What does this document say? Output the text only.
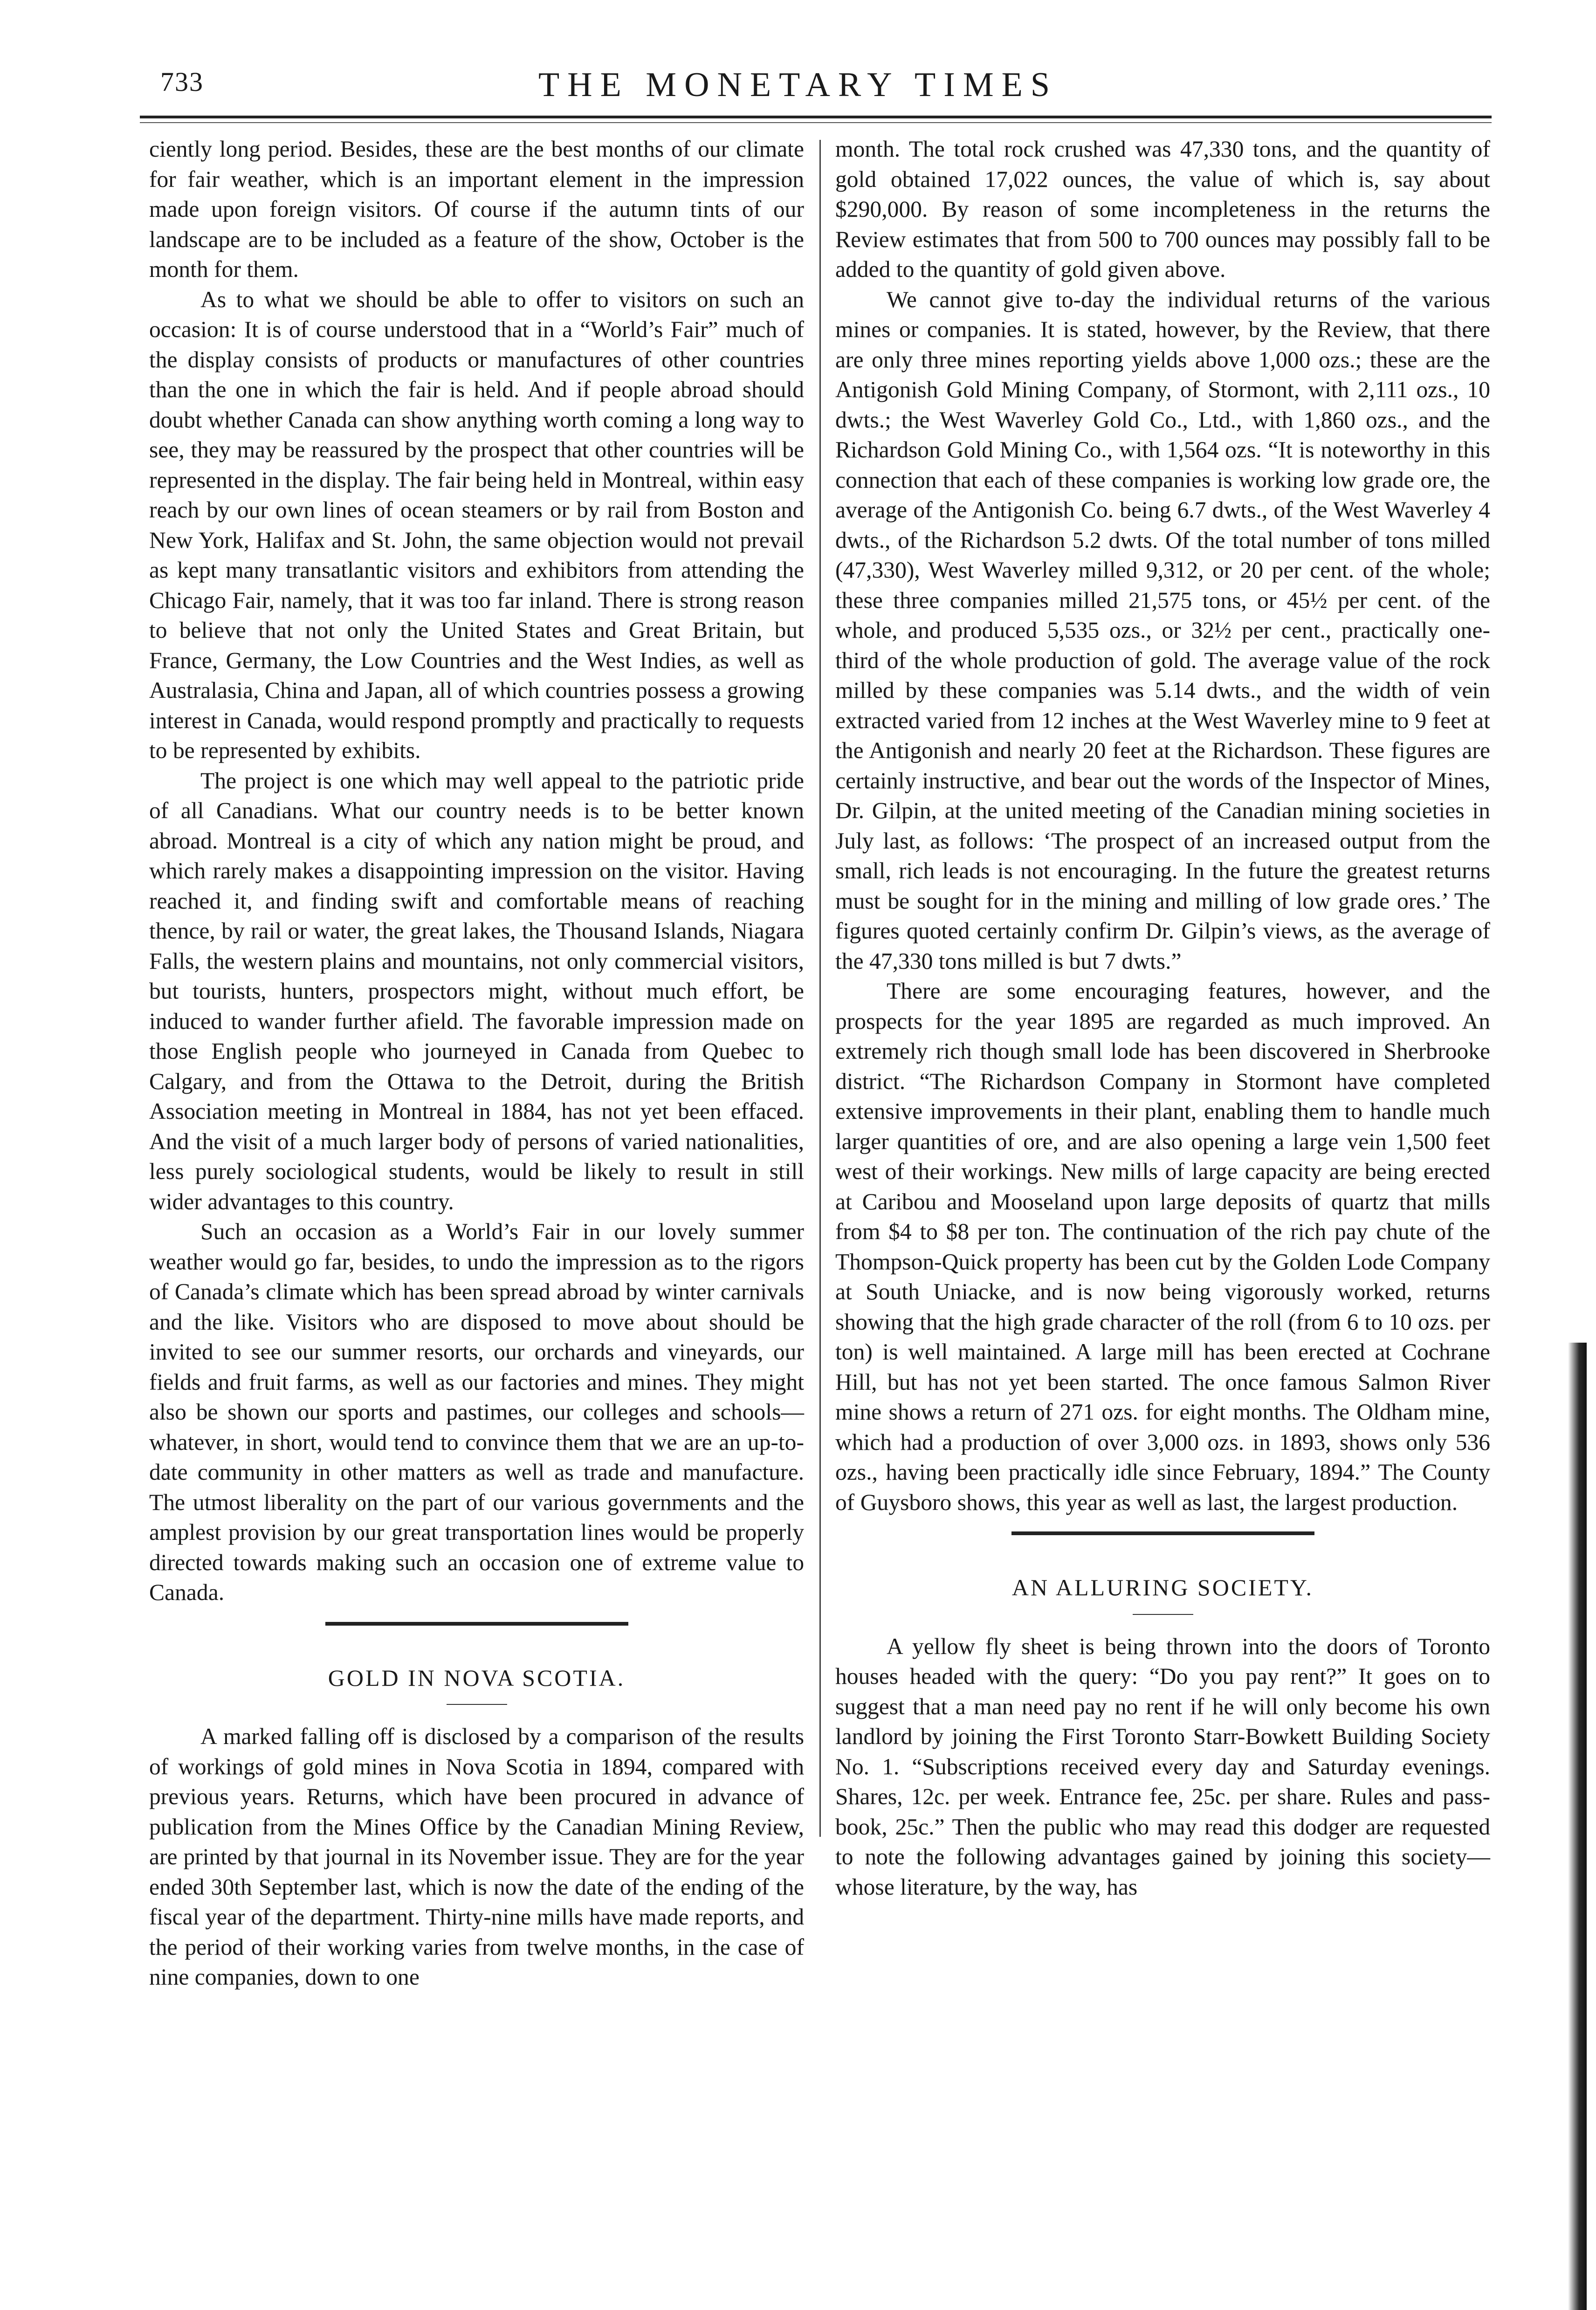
733	THE MONETARY TIMES

ciently long period. Besides, these are the best months of our climate for fair weather, which is an important element in the impression made upon foreign visitors. Of course if the autumn tints of our landscape are to be included as a feature of the show, October is the month for them.

As to what we should be able to offer to visitors on such an occasion: It is of course understood that in a “World’s Fair” much of the display consists of products or manufactures of other countries than the one in which the fair is held. And if people abroad should doubt whether Canada can show anything worth coming a long way to see, they may be reassured by the prospect that other countries will be represented in the display. The fair being held in Montreal, within easy reach by our own lines of ocean steamers or by rail from Boston and New York, Halifax and St. John, the same objection would not prevail as kept many transatlantic visitors and exhibitors from attending the Chicago Fair, namely, that it was too far inland. There is strong reason to believe that not only the United States and Great Britain, but France, Germany, the Low Countries and the West Indies, as well as Australasia, China and Japan, all of which countries possess a growing interest in Canada, would respond promptly and practically to requests to be represented by exhibits.

The project is one which may well appeal to the patriotic pride of all Canadians. What our country needs is to be better known abroad. Montreal is a city of which any nation might be proud, and which rarely makes a disappointing impression on the visitor. Having reached it, and finding swift and comfortable means of reaching thence, by rail or water, the great lakes, the Thousand Islands, Niagara Falls, the western plains and mountains, not only commercial visitors, but tourists, hunters, prospectors might, without much effort, be induced to wander further afield. The favorable impression made on those English people who journeyed in Canada from Quebec to Calgary, and from the Ottawa to the Detroit, during the British Association meeting in Montreal in 1884, has not yet been effaced. And the visit of a much larger body of persons of varied nationalities, less purely sociological students, would be likely to result in still wider advantages to this country.

Such an occasion as a World’s Fair in our lovely summer weather would go far, besides, to undo the impression as to the rigors of Canada’s climate which has been spread abroad by winter carnivals and the like. Visitors who are disposed to move about should be invited to see our summer resorts, our orchards and vineyards, our fields and fruit farms, as well as our factories and mines. They might also be shown our sports and pastimes, our colleges and schools—whatever, in short, would tend to convince them that we are an up-to-date community in other matters as well as trade and manufacture. The utmost liberality on the part of our various governments and the amplest provision by our great transportation lines would be properly directed towards making such an occasion one of extreme value to Canada.

GOLD IN NOVA SCOTIA.

A marked falling off is disclosed by a comparison of the results of workings of gold mines in Nova Scotia in 1894, compared with previous years. Returns, which have been procured in advance of publication from the Mines Office by the Canadian Mining Review, are printed by that journal in its November issue. They are for the year ended 30th September last, which is now the date of the ending of the fiscal year of the department. Thirty-nine mills have made reports, and the period of their working varies from twelve months, in the case of nine companies, down to one

month. The total rock crushed was 47,330 tons, and the quantity of gold obtained 17,022 ounces, the value of which is, say about $290,000. By reason of some incompleteness in the returns the Review estimates that from 500 to 700 ounces may possibly fall to be added to the quantity of gold given above.

We cannot give to-day the individual returns of the various mines or companies. It is stated, however, by the Review, that there are only three mines reporting yields above 1,000 ozs.; these are the Antigonish Gold Mining Company, of Stormont, with 2,111 ozs., 10 dwts.; the West Waverley Gold Co., Ltd., with 1,860 ozs., and the Richardson Gold Mining Co., with 1,564 ozs. “It is noteworthy in this connection that each of these companies is working low grade ore, the average of the Antigonish Co. being 6.7 dwts., of the West Waverley 4 dwts., of the Richardson 5.2 dwts. Of the total number of tons milled (47,330), West Waverley milled 9,312, or 20 per cent. of the whole; these three companies milled 21,575 tons, or 45½ per cent. of the whole, and produced 5,535 ozs., or 32½ per cent., practically one-third of the whole production of gold. The average value of the rock milled by these companies was 5.14 dwts., and the width of vein extracted varied from 12 inches at the West Waverley mine to 9 feet at the Antigonish and nearly 20 feet at the Richardson. These figures are certainly instructive, and bear out the words of the Inspector of Mines, Dr. Gilpin, at the united meeting of the Canadian mining societies in July last, as follows: ‘The prospect of an increased output from the small, rich leads is not encouraging. In the future the greatest returns must be sought for in the mining and milling of low grade ores.’ The figures quoted certainly confirm Dr. Gilpin’s views, as the average of the 47,330 tons milled is but 7 dwts.”

There are some encouraging features, however, and the prospects for the year 1895 are regarded as much improved. An extremely rich though small lode has been discovered in Sherbrooke district. “The Richardson Company in Stormont have completed extensive improvements in their plant, enabling them to handle much larger quantities of ore, and are also opening a large vein 1,500 feet west of their workings. New mills of large capacity are being erected at Caribou and Mooseland upon large deposits of quartz that mills from $4 to $8 per ton. The continuation of the rich pay chute of the Thompson-Quick property has been cut by the Golden Lode Company at South Uniacke, and is now being vigorously worked, returns showing that the high grade character of the roll (from 6 to 10 ozs. per ton) is well maintained. A large mill has been erected at Cochrane Hill, but has not yet been started. The once famous Salmon River mine shows a return of 271 ozs. for eight months. The Oldham mine, which had a production of over 3,000 ozs. in 1893, shows only 536 ozs., having been practically idle since February, 1894.” The County of Guysboro shows, this year as well as last, the largest production.

AN ALLURING SOCIETY.

A yellow fly sheet is being thrown into the doors of Toronto houses headed with the query: “Do you pay rent?” It goes on to suggest that a man need pay no rent if he will only become his own landlord by joining the First Toronto Starr-Bowkett Building Society No. 1. “Subscriptions received every day and Saturday evenings. Shares, 12c. per week. Entrance fee, 25c. per share. Rules and pass-book, 25c.” Then the public who may read this dodger are requested to note the following advantages gained by joining this society—whose literature, by the way, has
